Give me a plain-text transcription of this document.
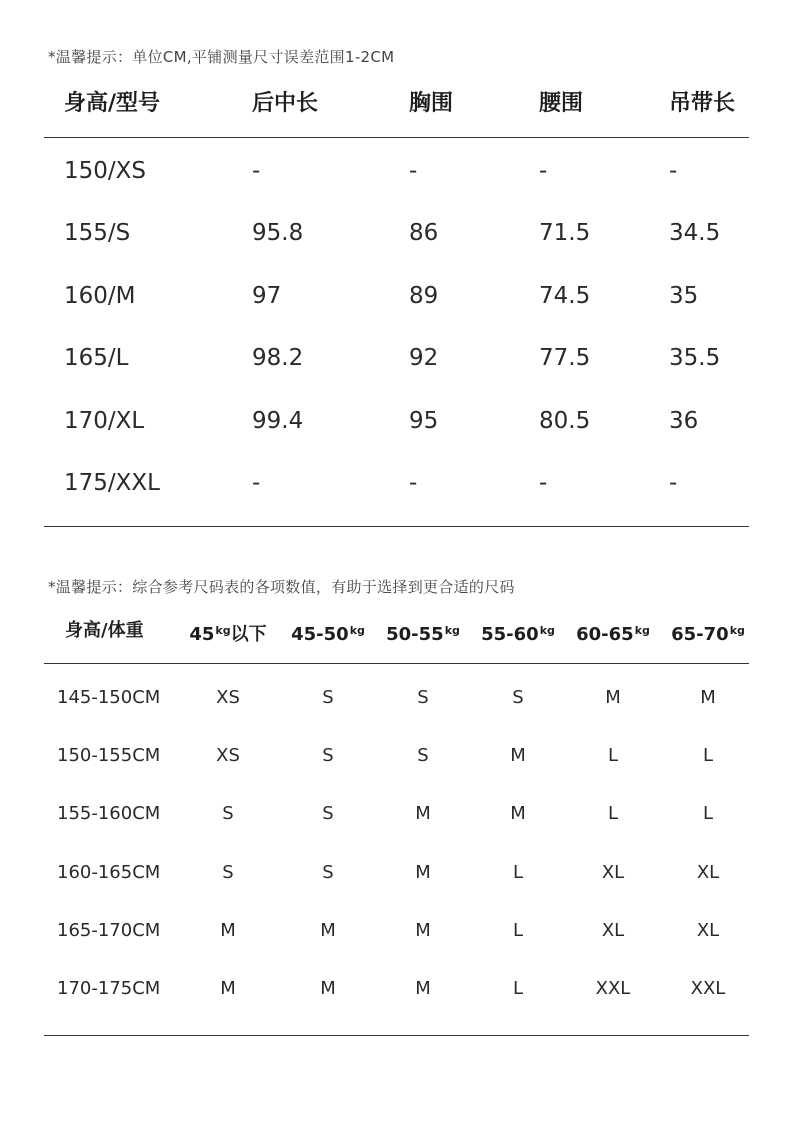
*温馨提示：单位CM,平铺测量尺寸误差范围1-2CM
身高/型号	后中长	胸围	腰围	吊带长
150/XS	-	-	-	-
155/S	95.8	86	71.5	34.5
160/M	97	89	74.5	35
165/L	98.2	92	77.5	35.5
170/XL	99.4	95	80.5	36
175/XXL	-	-	-	-
*温馨提示：综合参考尺码表的各项数值，有助于选择到更合适的尺码
身高/体重	$45^{kg}$以下	$45-50^{kg}$	$50-55^{kg}$	$55-60^{kg}$	$60-65^{kg}$	$65-70^{kg}$
145-150CM	XS	S	S	S	M	M
150-155CM	XS	S	S	M	L	L
155-160CM	S	S	M	M	L	L
160-165CM	S	S	M	L	XL	XL
165-170CM	M	M	M	L	XL	XL
170-175CM	M	M	M	L	XXL	XXL
